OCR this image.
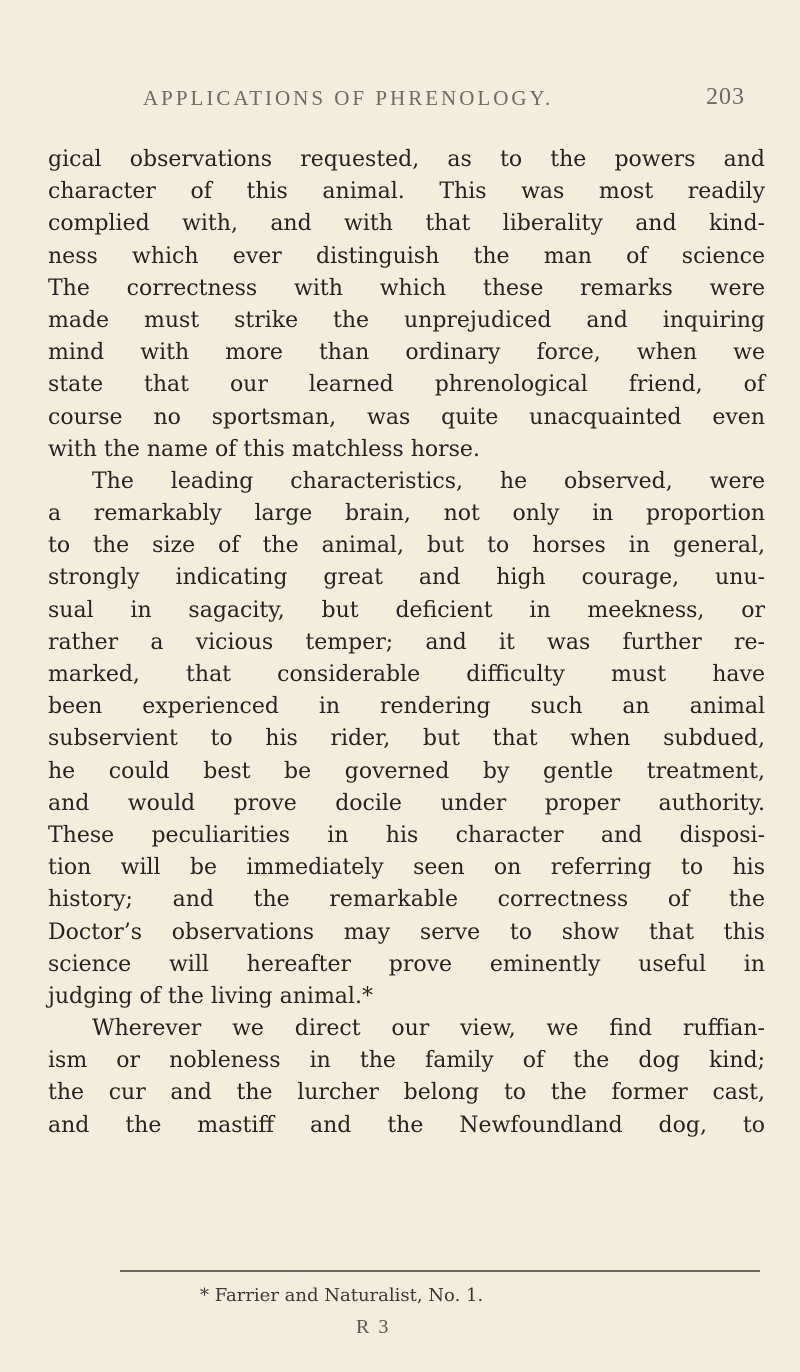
APPLICATIONS OF PHRENOLOGY.	203
gical observations requested, as to the powers and
character of this animal. This was most readily
complied with, and with that liberality and kind-
ness which ever distinguish the man of science
The correctness with which these remarks were
made must strike the unprejudiced and inquiring
mind with more than ordinary force, when we
state that our learned phrenological friend, of
course no sportsman, was quite unacquainted even
with the name of this matchless horse.
The leading characteristics, he observed, were
a remarkably large brain, not only in proportion
to the size of the animal, but to horses in general,
strongly indicating great and high courage, unu-
sual in sagacity, but deficient in meekness, or
rather a vicious temper; and it was further re-
marked, that considerable difficulty must have
been experienced in rendering such an animal
subservient to his rider, but that when subdued,
he could best be governed by gentle treatment,
and would prove docile under proper authority.
These peculiarities in his character and disposi-
tion will be immediately seen on referring to his
history; and the remarkable correctness of the
Doctor’s observations may serve to show that this
science will hereafter prove eminently useful in
judging of the living animal.*
Wherever we direct our view, we find ruffian-
ism or nobleness in the family of the dog kind;
the cur and the lurcher belong to the former cast,
and the mastiff and the Newfoundland dog, to
* Farrier and Naturalist, No. 1.
R 3
